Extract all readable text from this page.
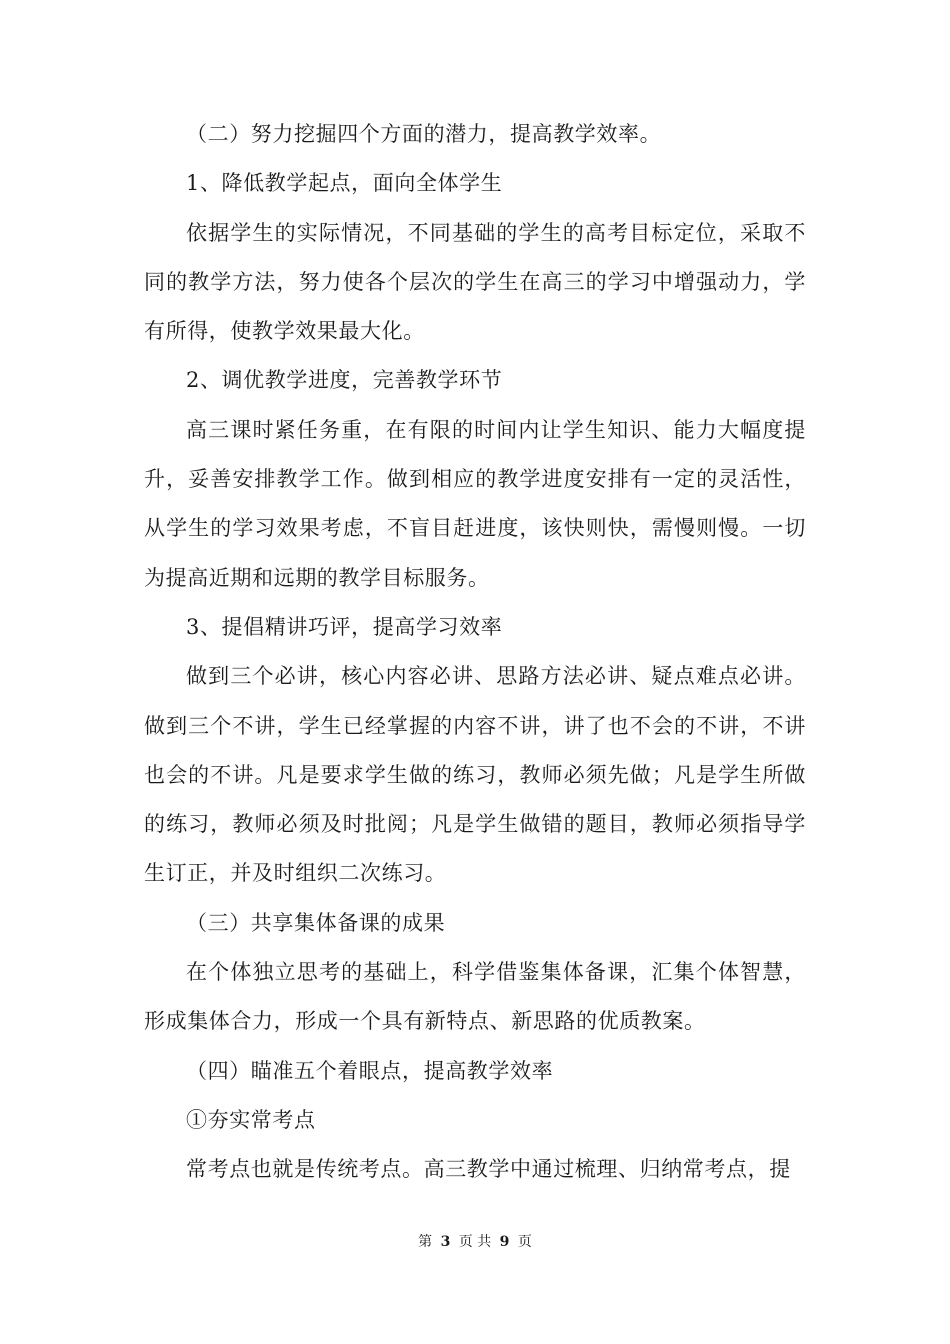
（二）努力挖掘四个方面的潜力，提高教学效率。

1、降低教学起点，面向全体学生

依据学生的实际情况，不同基础的学生的高考目标定位，采取不同的教学方法，努力使各个层次的学生在高三的学习中增强动力，学有所得，使教学效果最大化。

2、调优教学进度，完善教学环节

高三课时紧任务重，在有限的时间内让学生知识、能力大幅度提升，妥善安排教学工作。做到相应的教学进度安排有一定的灵活性，从学生的学习效果考虑，不盲目赶进度，该快则快，需慢则慢。一切为提高近期和远期的教学目标服务。

3、提倡精讲巧评，提高学习效率

做到三个必讲，核心内容必讲、思路方法必讲、疑点难点必讲。做到三个不讲，学生已经掌握的内容不讲，讲了也不会的不讲，不讲也会的不讲。凡是要求学生做的练习，教师必须先做；凡是学生所做的练习，教师必须及时批阅；凡是学生做错的题目，教师必须指导学生订正，并及时组织二次练习。

（三）共享集体备课的成果

在个体独立思考的基础上，科学借鉴集体备课，汇集个体智慧，形成集体合力，形成一个具有新特点、新思路的优质教案。

（四）瞄准五个着眼点，提高教学效率

①夯实常考点

常考点也就是传统考点。高三教学中通过梳理、归纳常考点，提

第 3 页 共 9 页
